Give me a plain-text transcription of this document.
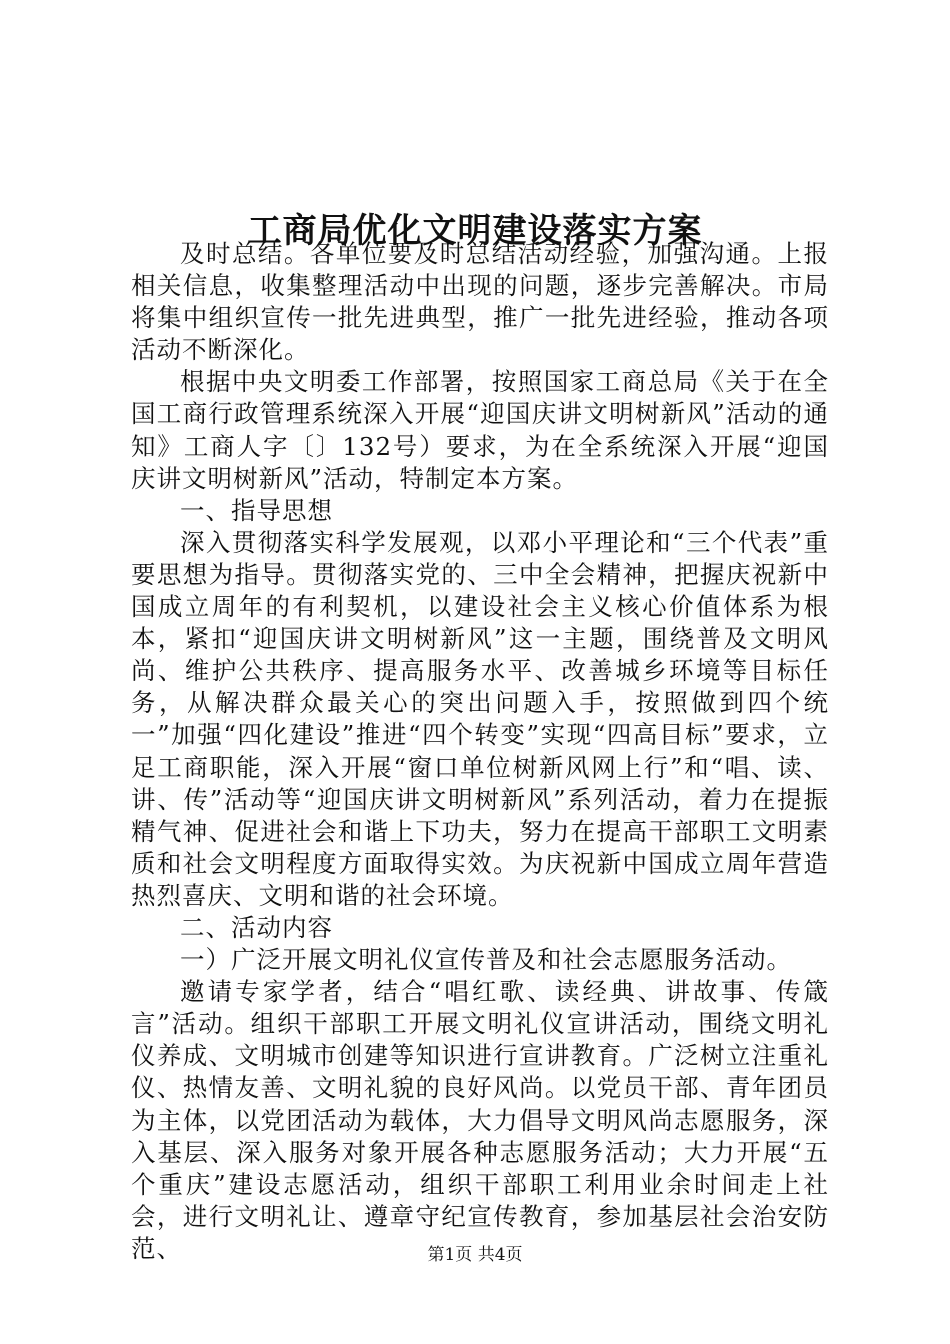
工商局优化文明建设落实方案

及时总结。各单位要及时总结活动经验，加强沟通。上报相关信息，收集整理活动中出现的问题，逐步完善解决。市局将集中组织宣传一批先进典型，推广一批先进经验，推动各项活动不断深化。

根据中央文明委工作部署，按照国家工商总局《关于在全国工商行政管理系统深入开展“迎国庆讲文明树新风”活动的通知》工商人字〔〕132号）要求，为在全系统深入开展“迎国庆讲文明树新风”活动，特制定本方案。

一、指导思想

深入贯彻落实科学发展观，以邓小平理论和“三个代表”重要思想为指导。贯彻落实党的、三中全会精神，把握庆祝新中国成立周年的有利契机，以建设社会主义核心价值体系为根本，紧扣“迎国庆讲文明树新风”这一主题，围绕普及文明风尚、维护公共秩序、提高服务水平、改善城乡环境等目标任务，从解决群众最关心的突出问题入手，按照做到四个统一”加强“四化建设”推进“四个转变”实现“四高目标”要求，立足工商职能，深入开展“窗口单位树新风网上行”和“唱、读、讲、传”活动等“迎国庆讲文明树新风”系列活动，着力在提振精气神、促进社会和谐上下功夫，努力在提高干部职工文明素质和社会文明程度方面取得实效。为庆祝新中国成立周年营造热烈喜庆、文明和谐的社会环境。

二、活动内容

一）广泛开展文明礼仪宣传普及和社会志愿服务活动。

邀请专家学者，结合“唱红歌、读经典、讲故事、传箴言”活动。组织干部职工开展文明礼仪宣讲活动，围绕文明礼仪养成、文明城市创建等知识进行宣讲教育。广泛树立注重礼仪、热情友善、文明礼貌的良好风尚。以党员干部、青年团员为主体，以党团活动为载体，大力倡导文明风尚志愿服务，深入基层、深入服务对象开展各种志愿服务活动；大力开展“五个重庆”建设志愿活动，组织干部职工利用业余时间走上社会，进行文明礼让、遵章守纪宣传教育，参加基层社会治安防范、	第1页 共4页
